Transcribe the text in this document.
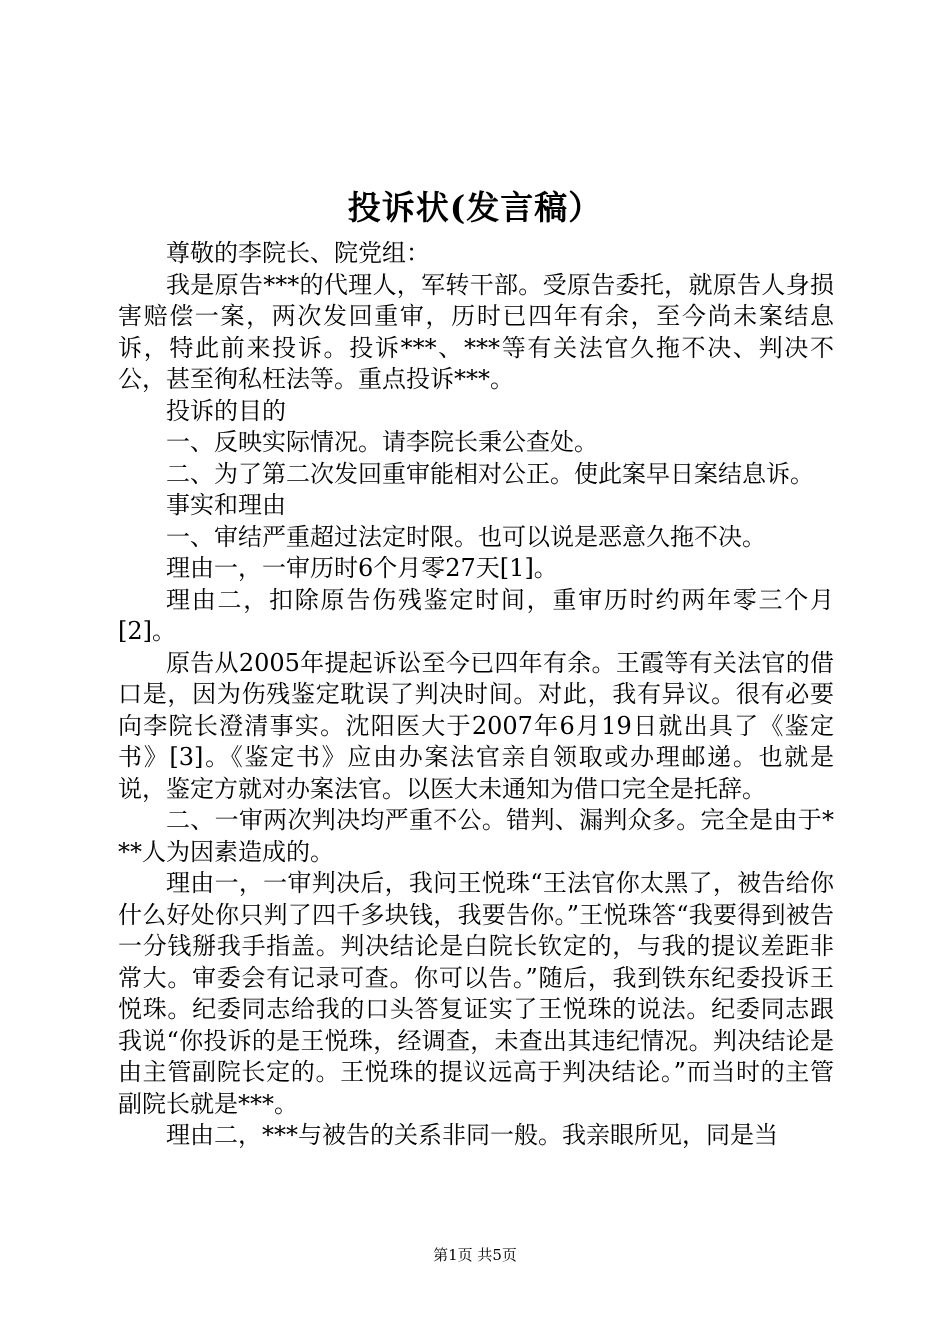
投诉状(发言稿）

尊敬的李院长、院党组：

我是原告***的代理人，军转干部。受原告委托，就原告人身损害赔偿一案，两次发回重审，历时已四年有余，至今尚未案结息诉，特此前来投诉。投诉***、***等有关法官久拖不决、判决不公，甚至徇私枉法等。重点投诉***。

投诉的目的

一、反映实际情况。请李院长秉公查处。

二、为了第二次发回重审能相对公正。使此案早日案结息诉。

事实和理由

一、审结严重超过法定时限。也可以说是恶意久拖不决。

理由一，一审历时6个月零27天[1]。

理由二，扣除原告伤残鉴定时间，重审历时约两年零三个月[2]。

原告从2005年提起诉讼至今已四年有余。王霞等有关法官的借口是，因为伤残鉴定耽误了判决时间。对此，我有异议。很有必要向李院长澄清事实。沈阳医大于2007年6月19日就出具了《鉴定书》[3]。《鉴定书》应由办案法官亲自领取或办理邮递。也就是说，鉴定方就对办案法官。以医大未通知为借口完全是托辞。

二、一审两次判决均严重不公。错判、漏判众多。完全是由于***人为因素造成的。

理由一，一审判决后，我问王悦珠“王法官你太黑了，被告给你什么好处你只判了四千多块钱，我要告你。”王悦珠答“我要得到被告一分钱掰我手指盖。判决结论是白院长钦定的，与我的提议差距非常大。审委会有记录可查。你可以告。”随后，我到铁东纪委投诉王悦珠。纪委同志给我的口头答复证实了王悦珠的说法。纪委同志跟我说“你投诉的是王悦珠，经调查，未查出其违纪情况。判决结论是由主管副院长定的。王悦珠的提议远高于判决结论。”而当时的主管副院长就是***。

理由二，***与被告的关系非同一般。我亲眼所见，同是当

第1页 共5页
